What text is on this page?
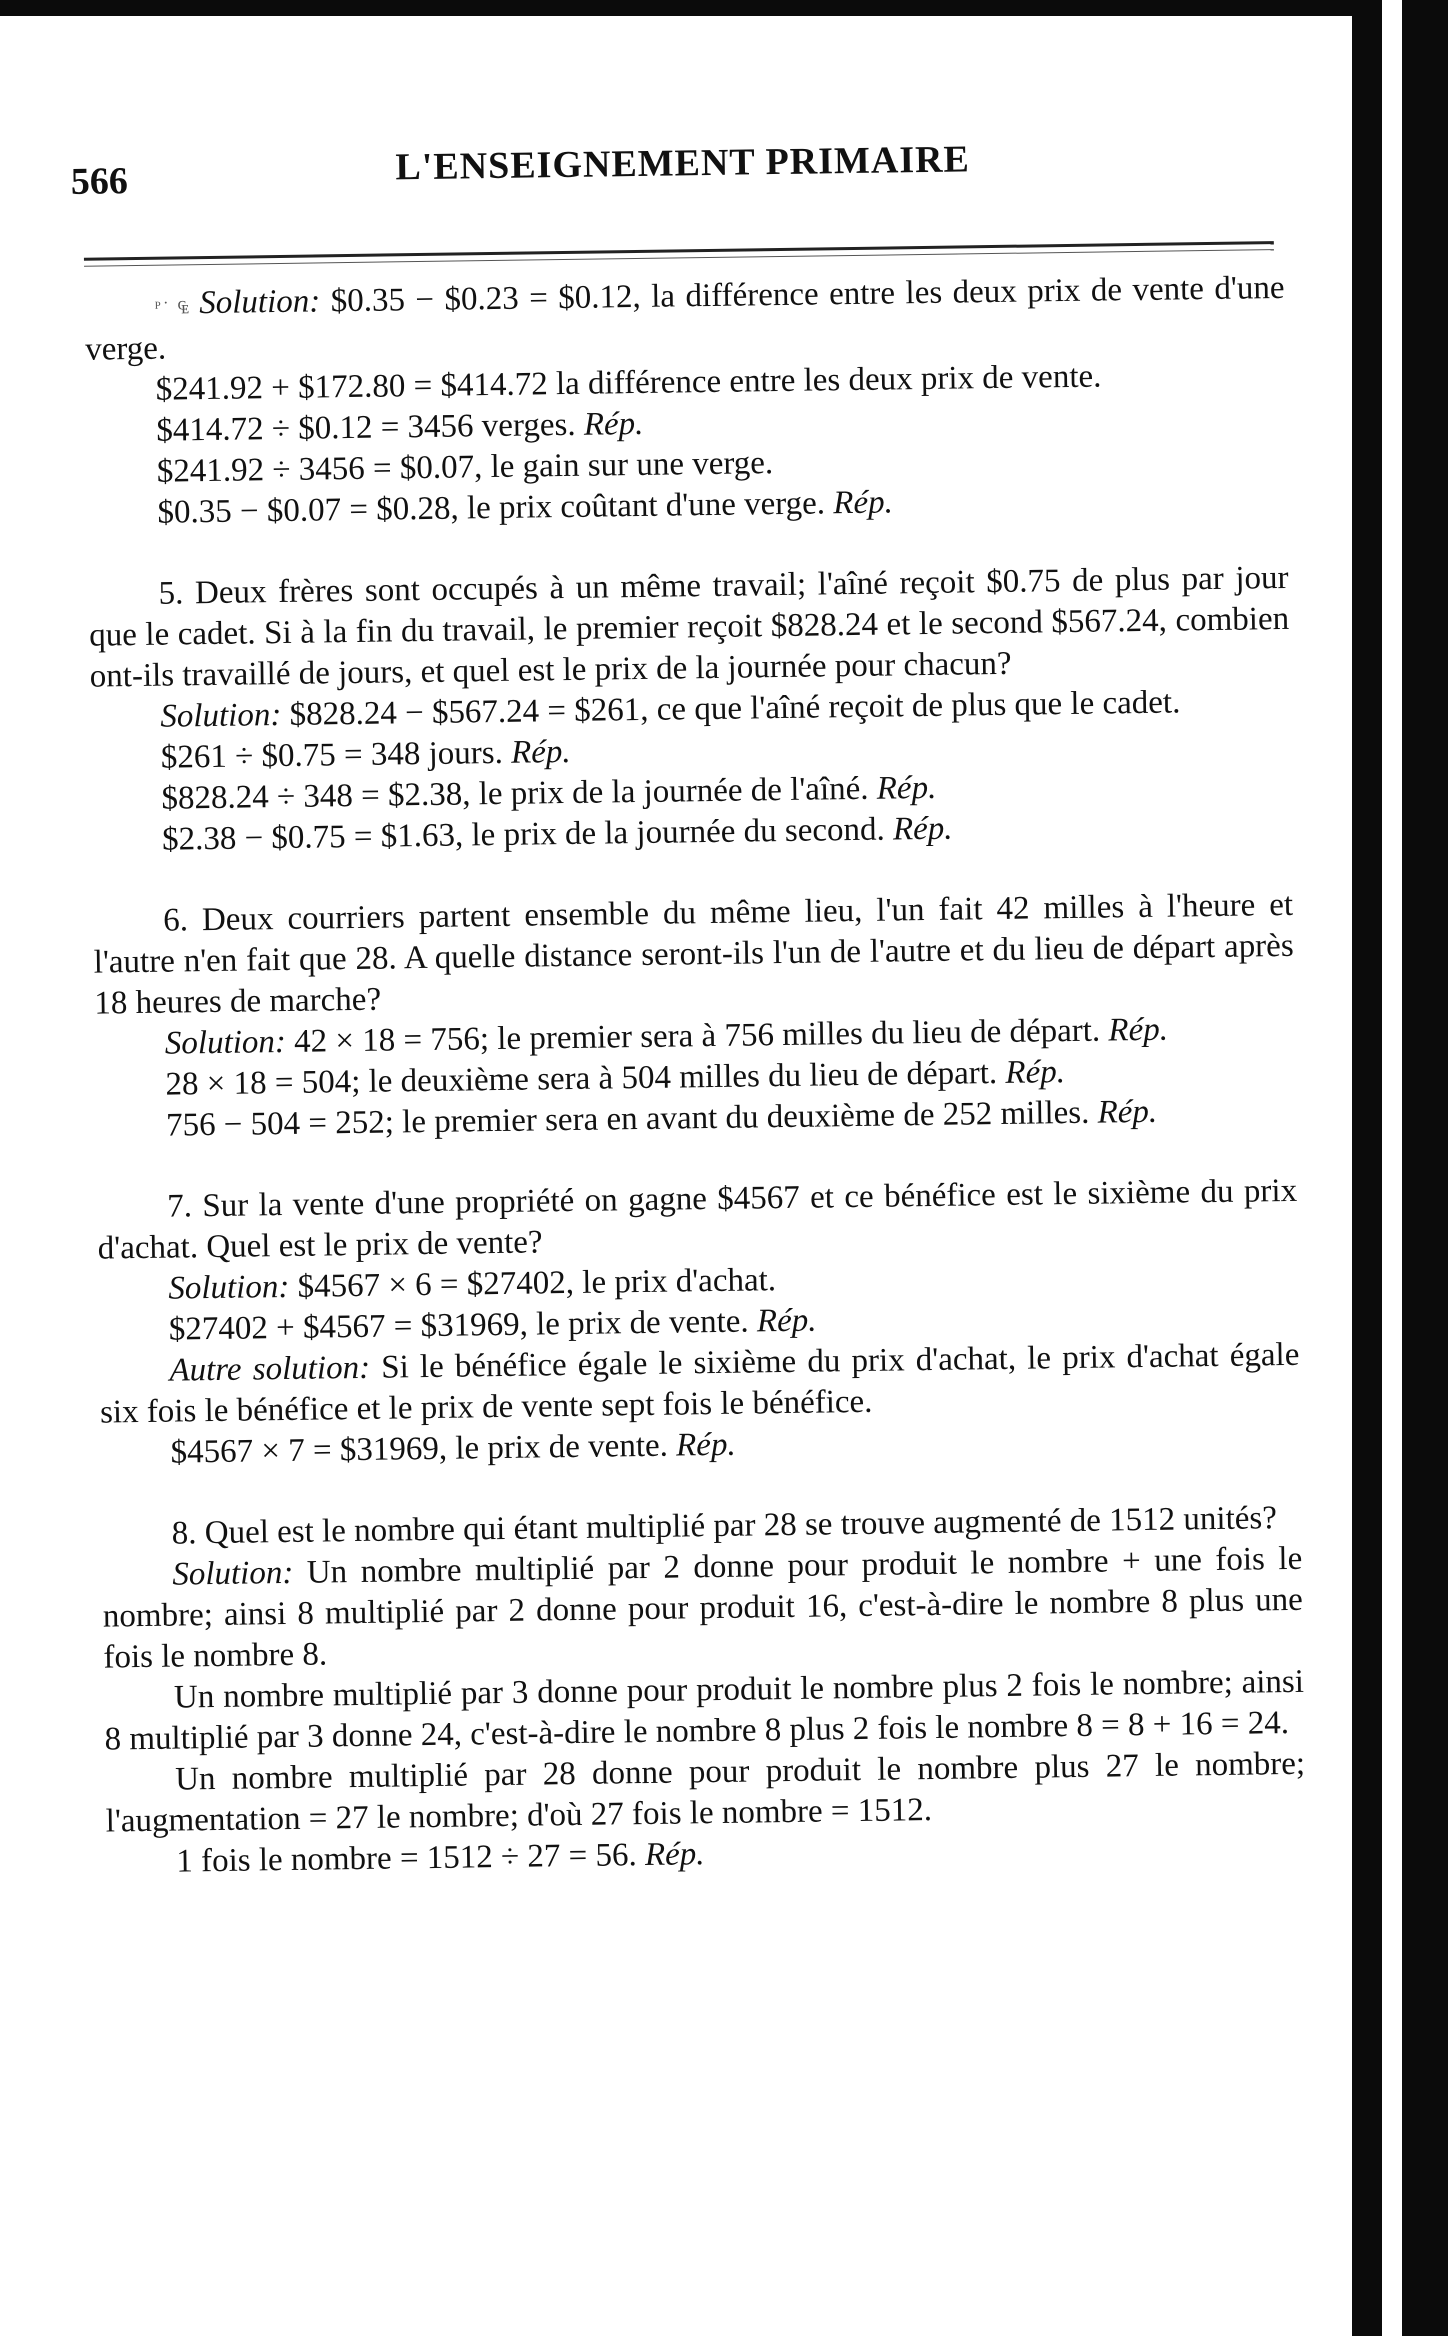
566	L'ENSEIGNEMENT PRIMAIRE

ᴾ˙ ₠ Solution: $0.35 − $0.23 = $0.12, la différence entre les deux prix de vente d'une verge.

$241.92 + $172.80 = $414.72 la différence entre les deux prix de vente.

$414.72 ÷ $0.12 = 3456 verges. Rép.

$241.92 ÷ 3456 = $0.07, le gain sur une verge.

$0.35 − $0.07 = $0.28, le prix coûtant d'une verge. Rép.

5. Deux frères sont occupés à un même travail; l'aîné reçoit $0.75 de plus par jour que le cadet. Si à la fin du travail, le premier reçoit $828.24 et le second $567.24, combien ont-ils travaillé de jours, et quel est le prix de la journée pour chacun?

Solution: $828.24 − $567.24 = $261, ce que l'aîné reçoit de plus que le cadet.

$261 ÷ $0.75 = 348 jours. Rép.

$828.24 ÷ 348 = $2.38, le prix de la journée de l'aîné. Rép.

$2.38 − $0.75 = $1.63, le prix de la journée du second. Rép.

6. Deux courriers partent ensemble du même lieu, l'un fait 42 milles à l'heure et l'autre n'en fait que 28. A quelle distance seront-ils l'un de l'autre et du lieu de départ après 18 heures de marche?

Solution: 42 × 18 = 756; le premier sera à 756 milles du lieu de départ. Rép.

28 × 18 = 504; le deuxième sera à 504 milles du lieu de départ. Rép.

756 − 504 = 252; le premier sera en avant du deuxième de 252 milles. Rép.

7. Sur la vente d'une propriété on gagne $4567 et ce bénéfice est le sixième du prix d'achat. Quel est le prix de vente?

Solution: $4567 × 6 = $27402, le prix d'achat.

$27402 + $4567 = $31969, le prix de vente. Rép.

Autre solution: Si le bénéfice égale le sixième du prix d'achat, le prix d'achat égale six fois le bénéfice et le prix de vente sept fois le bénéfice.

$4567 × 7 = $31969, le prix de vente. Rép.

8. Quel est le nombre qui étant multiplié par 28 se trouve augmenté de 1512 unités?

Solution: Un nombre multiplié par 2 donne pour produit le nombre + une fois le nombre; ainsi 8 multiplié par 2 donne pour produit 16, c'est-à-dire le nombre 8 plus une fois le nombre 8.

Un nombre multiplié par 3 donne pour produit le nombre plus 2 fois le nombre; ainsi 8 multiplié par 3 donne 24, c'est-à-dire le nombre 8 plus 2 fois le nombre 8 = 8 + 16 = 24.

Un nombre multiplié par 28 donne pour produit le nombre plus 27 le nombre; l'augmentation = 27 le nombre; d'où 27 fois le nombre = 1512.

1 fois le nombre = 1512 ÷ 27 = 56. Rép.
